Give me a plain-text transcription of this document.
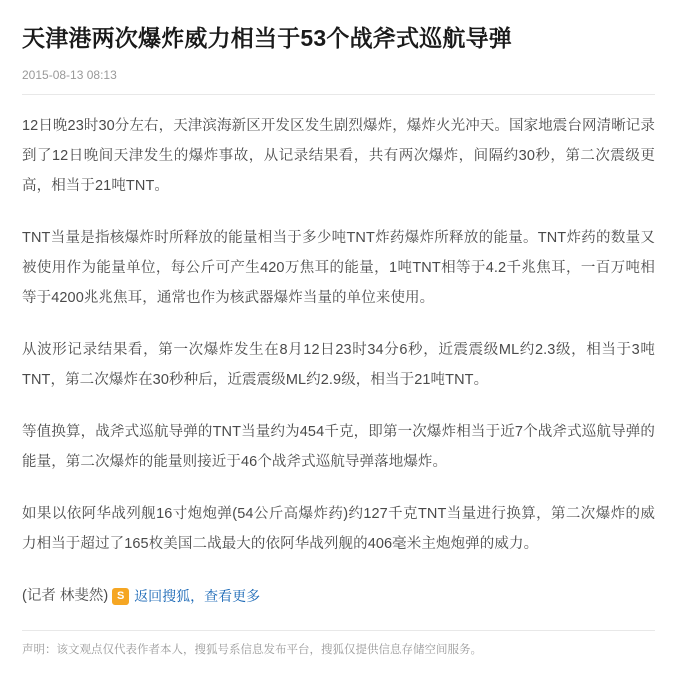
天津港两次爆炸威力相当于53个战斧式巡航导弹
2015-08-13 08:13

12日晚23时30分左右，天津滨海新区开发区发生剧烈爆炸，爆炸火光冲天。国家地震台网清晰记录到了12日晚间天津发生的爆炸事故，从记录结果看，共有两次爆炸，间隔约30秒，第二次震级更高，相当于21吨TNT。

TNT当量是指核爆炸时所释放的能量相当于多少吨TNT炸药爆炸所释放的能量。TNT炸药的数量又被使用作为能量单位，每公斤可产生420万焦耳的能量，1吨TNT相等于4.2千兆焦耳，一百万吨相等于4200兆兆焦耳，通常也作为核武器爆炸当量的单位来使用。

从波形记录结果看，第一次爆炸发生在8月12日23时34分6秒，近震震级ML约2.3级，相当于3吨TNT，第二次爆炸在30秒种后，近震震级ML约2.9级，相当于21吨TNT。

等值换算，战斧式巡航导弹的TNT当量约为454千克，即第一次爆炸相当于近7个战斧式巡航导弹的能量，第二次爆炸的能量则接近于46个战斧式巡航导弹落地爆炸。

如果以依阿华战列舰16寸炮炮弹(54公斤高爆炸药)约127千克TNT当量进行换算，第二次爆炸的威力相当于超过了165枚美国二战最大的依阿华战列舰的406毫米主炮炮弹的威力。

(记者 林斐然) S 返回搜狐，查看更多
声明：该文观点仅代表作者本人，搜狐号系信息发布平台，搜狐仅提供信息存储空间服务。
